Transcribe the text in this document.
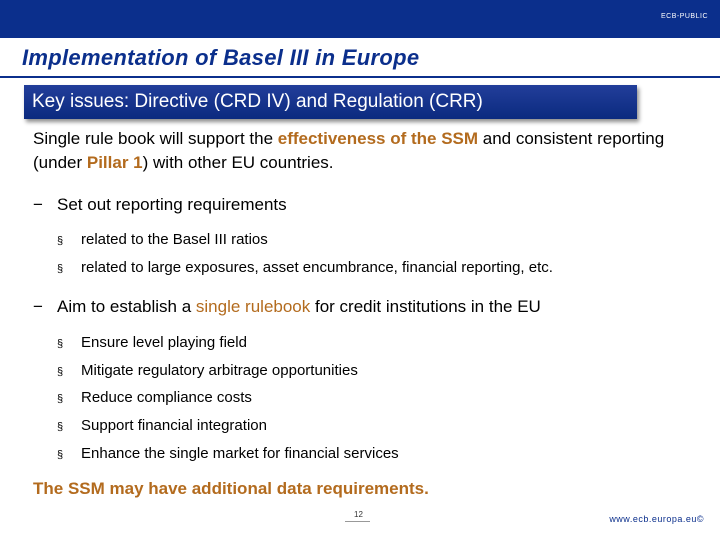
ECB-PUBLIC
Implementation of Basel III in Europe
Key issues: Directive (CRD IV) and Regulation (CRR)
Single rule book will support the effectiveness of the SSM and consistent reporting (under Pillar 1) with other EU countries.
− Set out reporting requirements
§ related to the Basel III ratios
§ related to large exposures, asset encumbrance, financial reporting, etc.
− Aim to establish a single rulebook for credit institutions in the EU
§ Ensure level playing field
§ Mitigate regulatory arbitrage opportunities
§ Reduce compliance costs
§ Support financial integration
§ Enhance the single market for financial services
The SSM may have additional data requirements.
12	www.ecb.europa.eu©
